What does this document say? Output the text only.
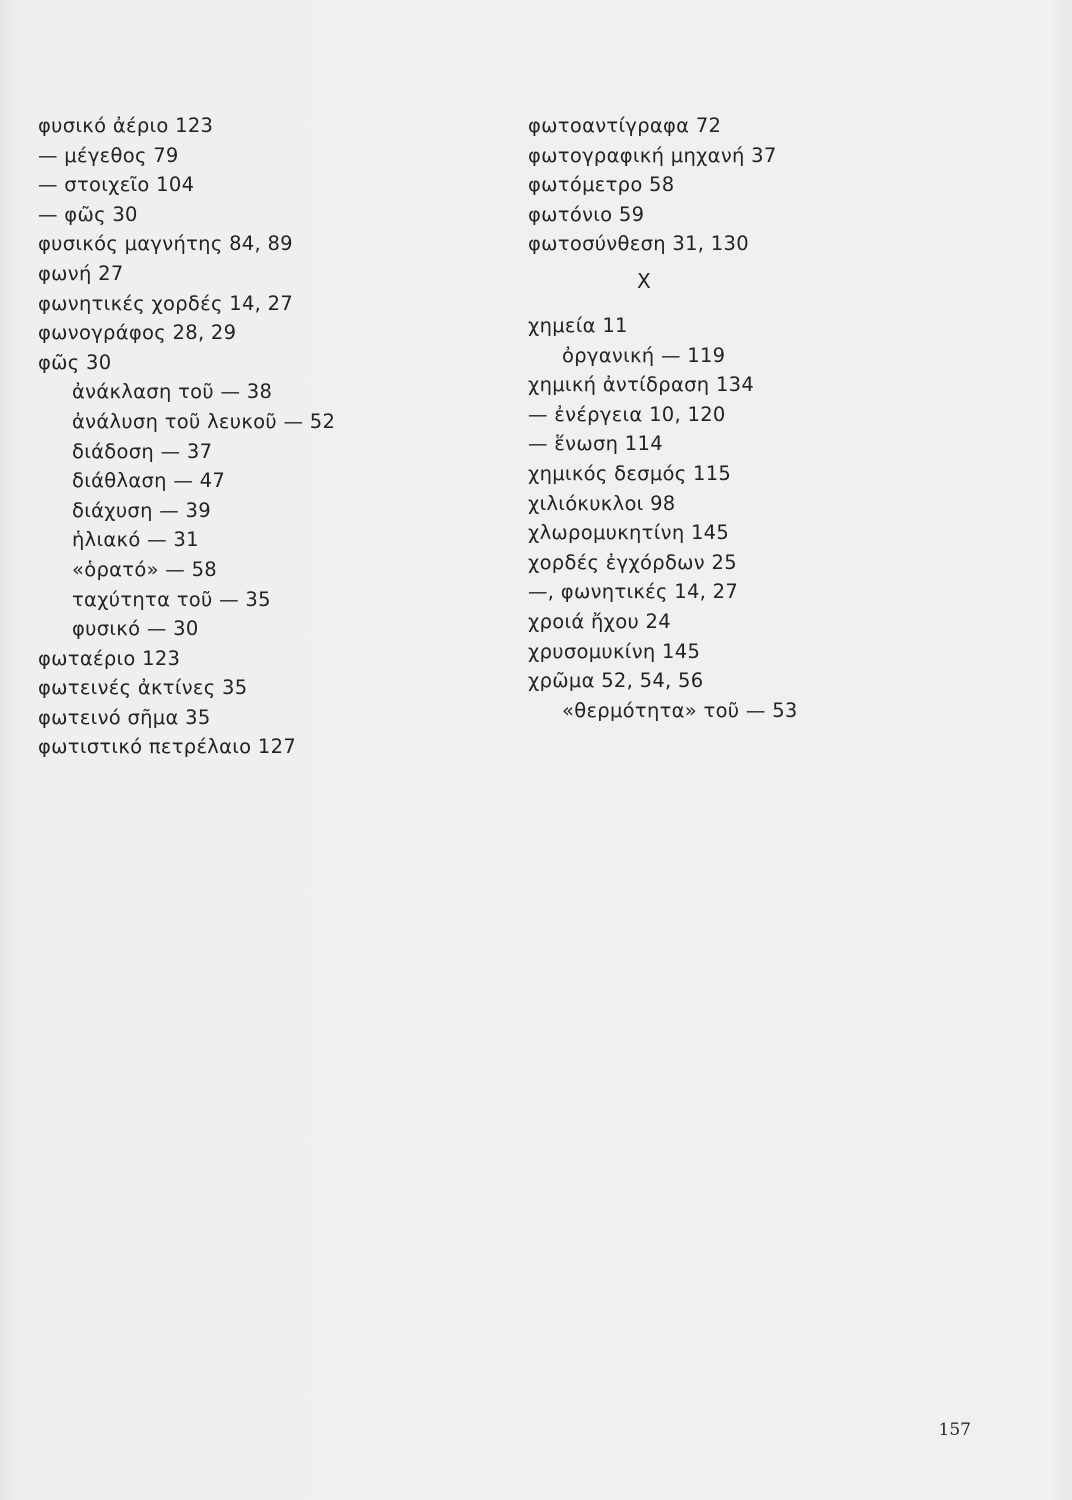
φυσικό ἀέριο 123
— μέγεθος 79
— στοιχεῖο 104
— φῶς 30
φυσικός μαγνήτης 84, 89
φωνή 27
φωνητικές χορδές 14, 27
φωνογράφος 28, 29
φῶς 30
ἀνάκλαση τοῦ — 38
ἀνάλυση τοῦ λευκοῦ — 52
διάδοση — 37
διάθλαση — 47
διάχυση — 39
ἡλιακό — 31
«ὁρατό» — 58
ταχύτητα τοῦ — 35
φυσικό — 30
φωταέριο 123
φωτεινές ἀκτίνες 35
φωτεινό σῆμα 35
φωτιστικό πετρέλαιο 127
φωτοαντίγραφα 72
φωτογραφική μηχανή 37
φωτόμετρο 58
φωτόνιο 59
φωτοσύνθεση 31, 130
Χ
χημεία 11
ὀργανική — 119
χημική ἀντίδραση 134
— ἐνέργεια 10, 120
— ἕνωση 114
χημικός δεσμός 115
χιλιόκυκλοι 98
χλωρομυκητίνη 145
χορδές ἐγχόρδων 25
—, φωνητικές 14, 27
χροιά ἤχου 24
χρυσομυκίνη 145
χρῶμα 52, 54, 56
«θερμότητα» τοῦ — 53
157
